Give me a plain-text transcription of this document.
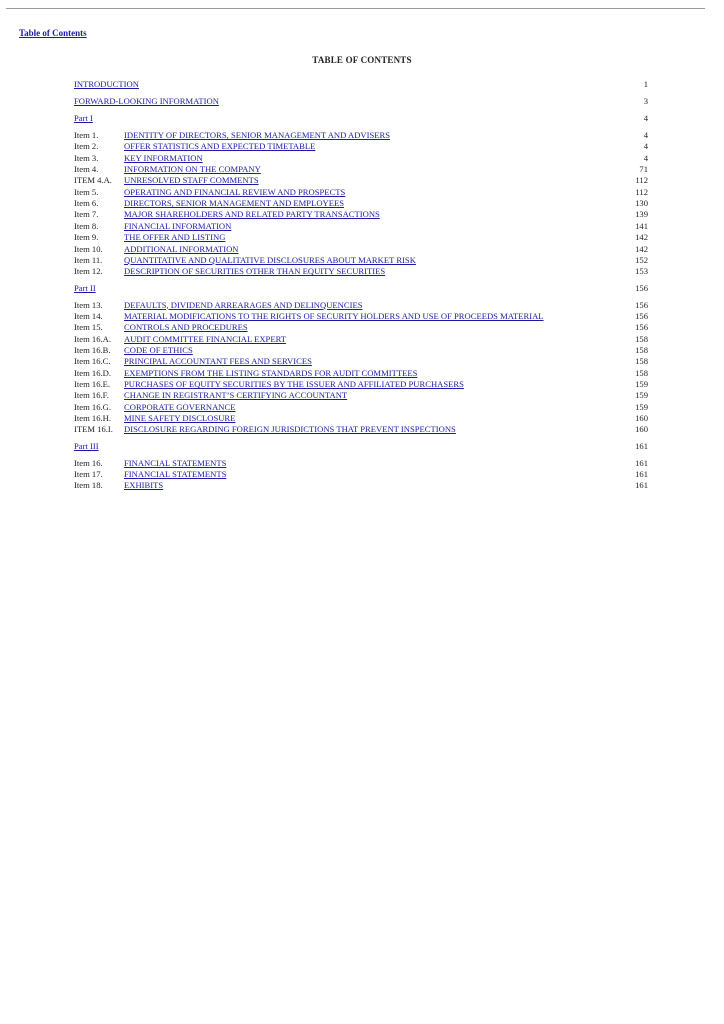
Table of Contents
TABLE OF CONTENTS
INTRODUCTION	1
FORWARD-LOOKING INFORMATION	3
Part I	4
Item 1.	IDENTITY OF DIRECTORS, SENIOR MANAGEMENT AND ADVISERS	4
Item 2.	OFFER STATISTICS AND EXPECTED TIMETABLE	4
Item 3.	KEY INFORMATION	4
Item 4.	INFORMATION ON THE COMPANY	71
ITEM 4.A. UNRESOLVED STAFF COMMENTS	112
Item 5.	OPERATING AND FINANCIAL REVIEW AND PROSPECTS	112
Item 6.	DIRECTORS, SENIOR MANAGEMENT AND EMPLOYEES	130
Item 7.	MAJOR SHAREHOLDERS AND RELATED PARTY TRANSACTIONS	139
Item 8.	FINANCIAL INFORMATION	141
Item 9.	THE OFFER AND LISTING	142
Item 10. ADDITIONAL INFORMATION	142
Item 11.	QUANTITATIVE AND QUALITATIVE DISCLOSURES ABOUT MARKET RISK	152
Item 12. DESCRIPTION OF SECURITIES OTHER THAN EQUITY SECURITIES	153
Part II	156
Item 13. DEFAULTS, DIVIDEND ARREARAGES AND DELINQUENCIES	156
Item 14. MATERIAL MODIFICATIONS TO THE RIGHTS OF SECURITY HOLDERS AND USE OF PROCEEDS MATERIAL	156
Item 15. CONTROLS AND PROCEDURES	156
Item 16.A. AUDIT COMMITTEE FINANCIAL EXPERT	158
Item 16.B. CODE OF ETHICS	158
Item 16.C. PRINCIPAL ACCOUNTANT FEES AND SERVICES	158
Item 16.D. EXEMPTIONS FROM THE LISTING STANDARDS FOR AUDIT COMMITTEES	158
Item 16.E. PURCHASES OF EQUITY SECURITIES BY THE ISSUER AND AFFILIATED PURCHASERS	159
Item 16.F. CHANGE IN REGISTRANT’S CERTIFYING ACCOUNTANT	159
Item 16.G. CORPORATE GOVERNANCE	159
Item 16.H. MINE SAFETY DISCLOSURE	160
ITEM 16.I. DISCLOSURE REGARDING FOREIGN JURISDICTIONS THAT PREVENT INSPECTIONS	160
Part III	161
Item 16. FINANCIAL STATEMENTS	161
Item 17. FINANCIAL STATEMENTS	161
Item 18. EXHIBITS	161
